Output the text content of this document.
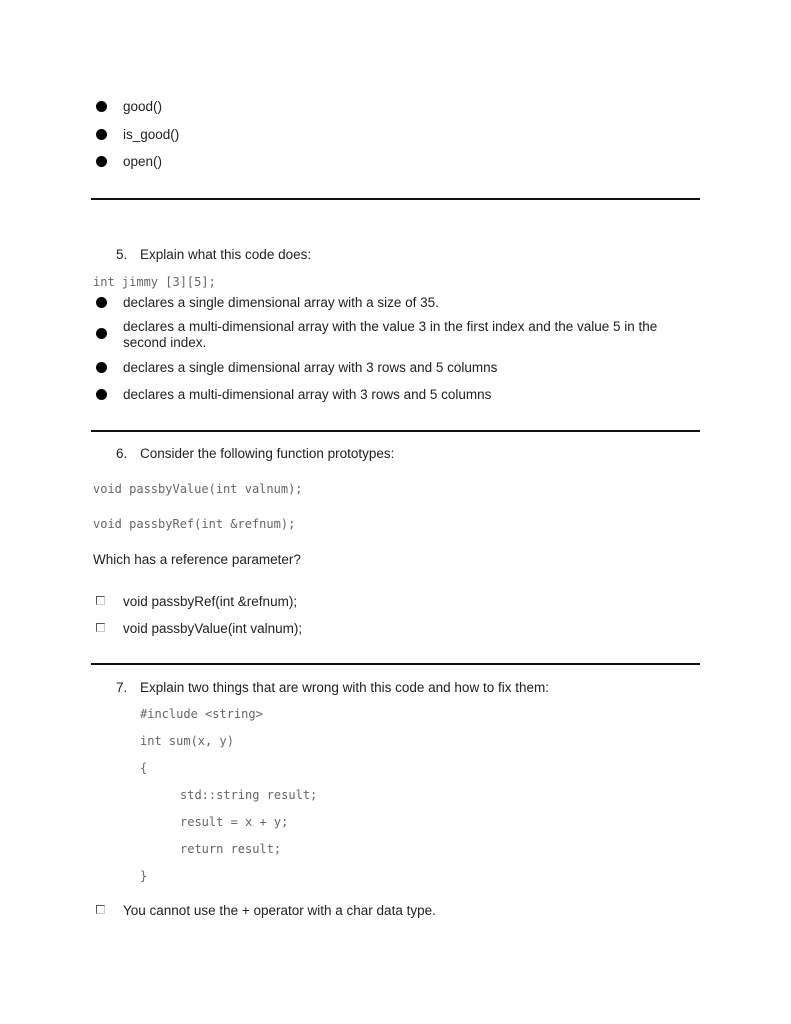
good()
is_good()
open()
5. Explain what this code does:
int jimmy [3][5];
declares a single dimensional array with a size of 35.
declares a multi-dimensional array with the value 3 in the first index and the value 5 in the second index.
declares a single dimensional array with 3 rows and 5 columns
declares a multi-dimensional array with 3 rows and 5 columns
6. Consider the following function prototypes:
void passbyValue(int valnum);
void passbyRef(int &refnum);
Which has a reference parameter?
void passbyRef(int &refnum);
void passbyValue(int valnum);
7. Explain two things that are wrong with this code and how to fix them:
#include <string>
int sum(x, y)
{
std::string result;
result = x + y;
return result;
}
You cannot use the + operator with a char data type.
